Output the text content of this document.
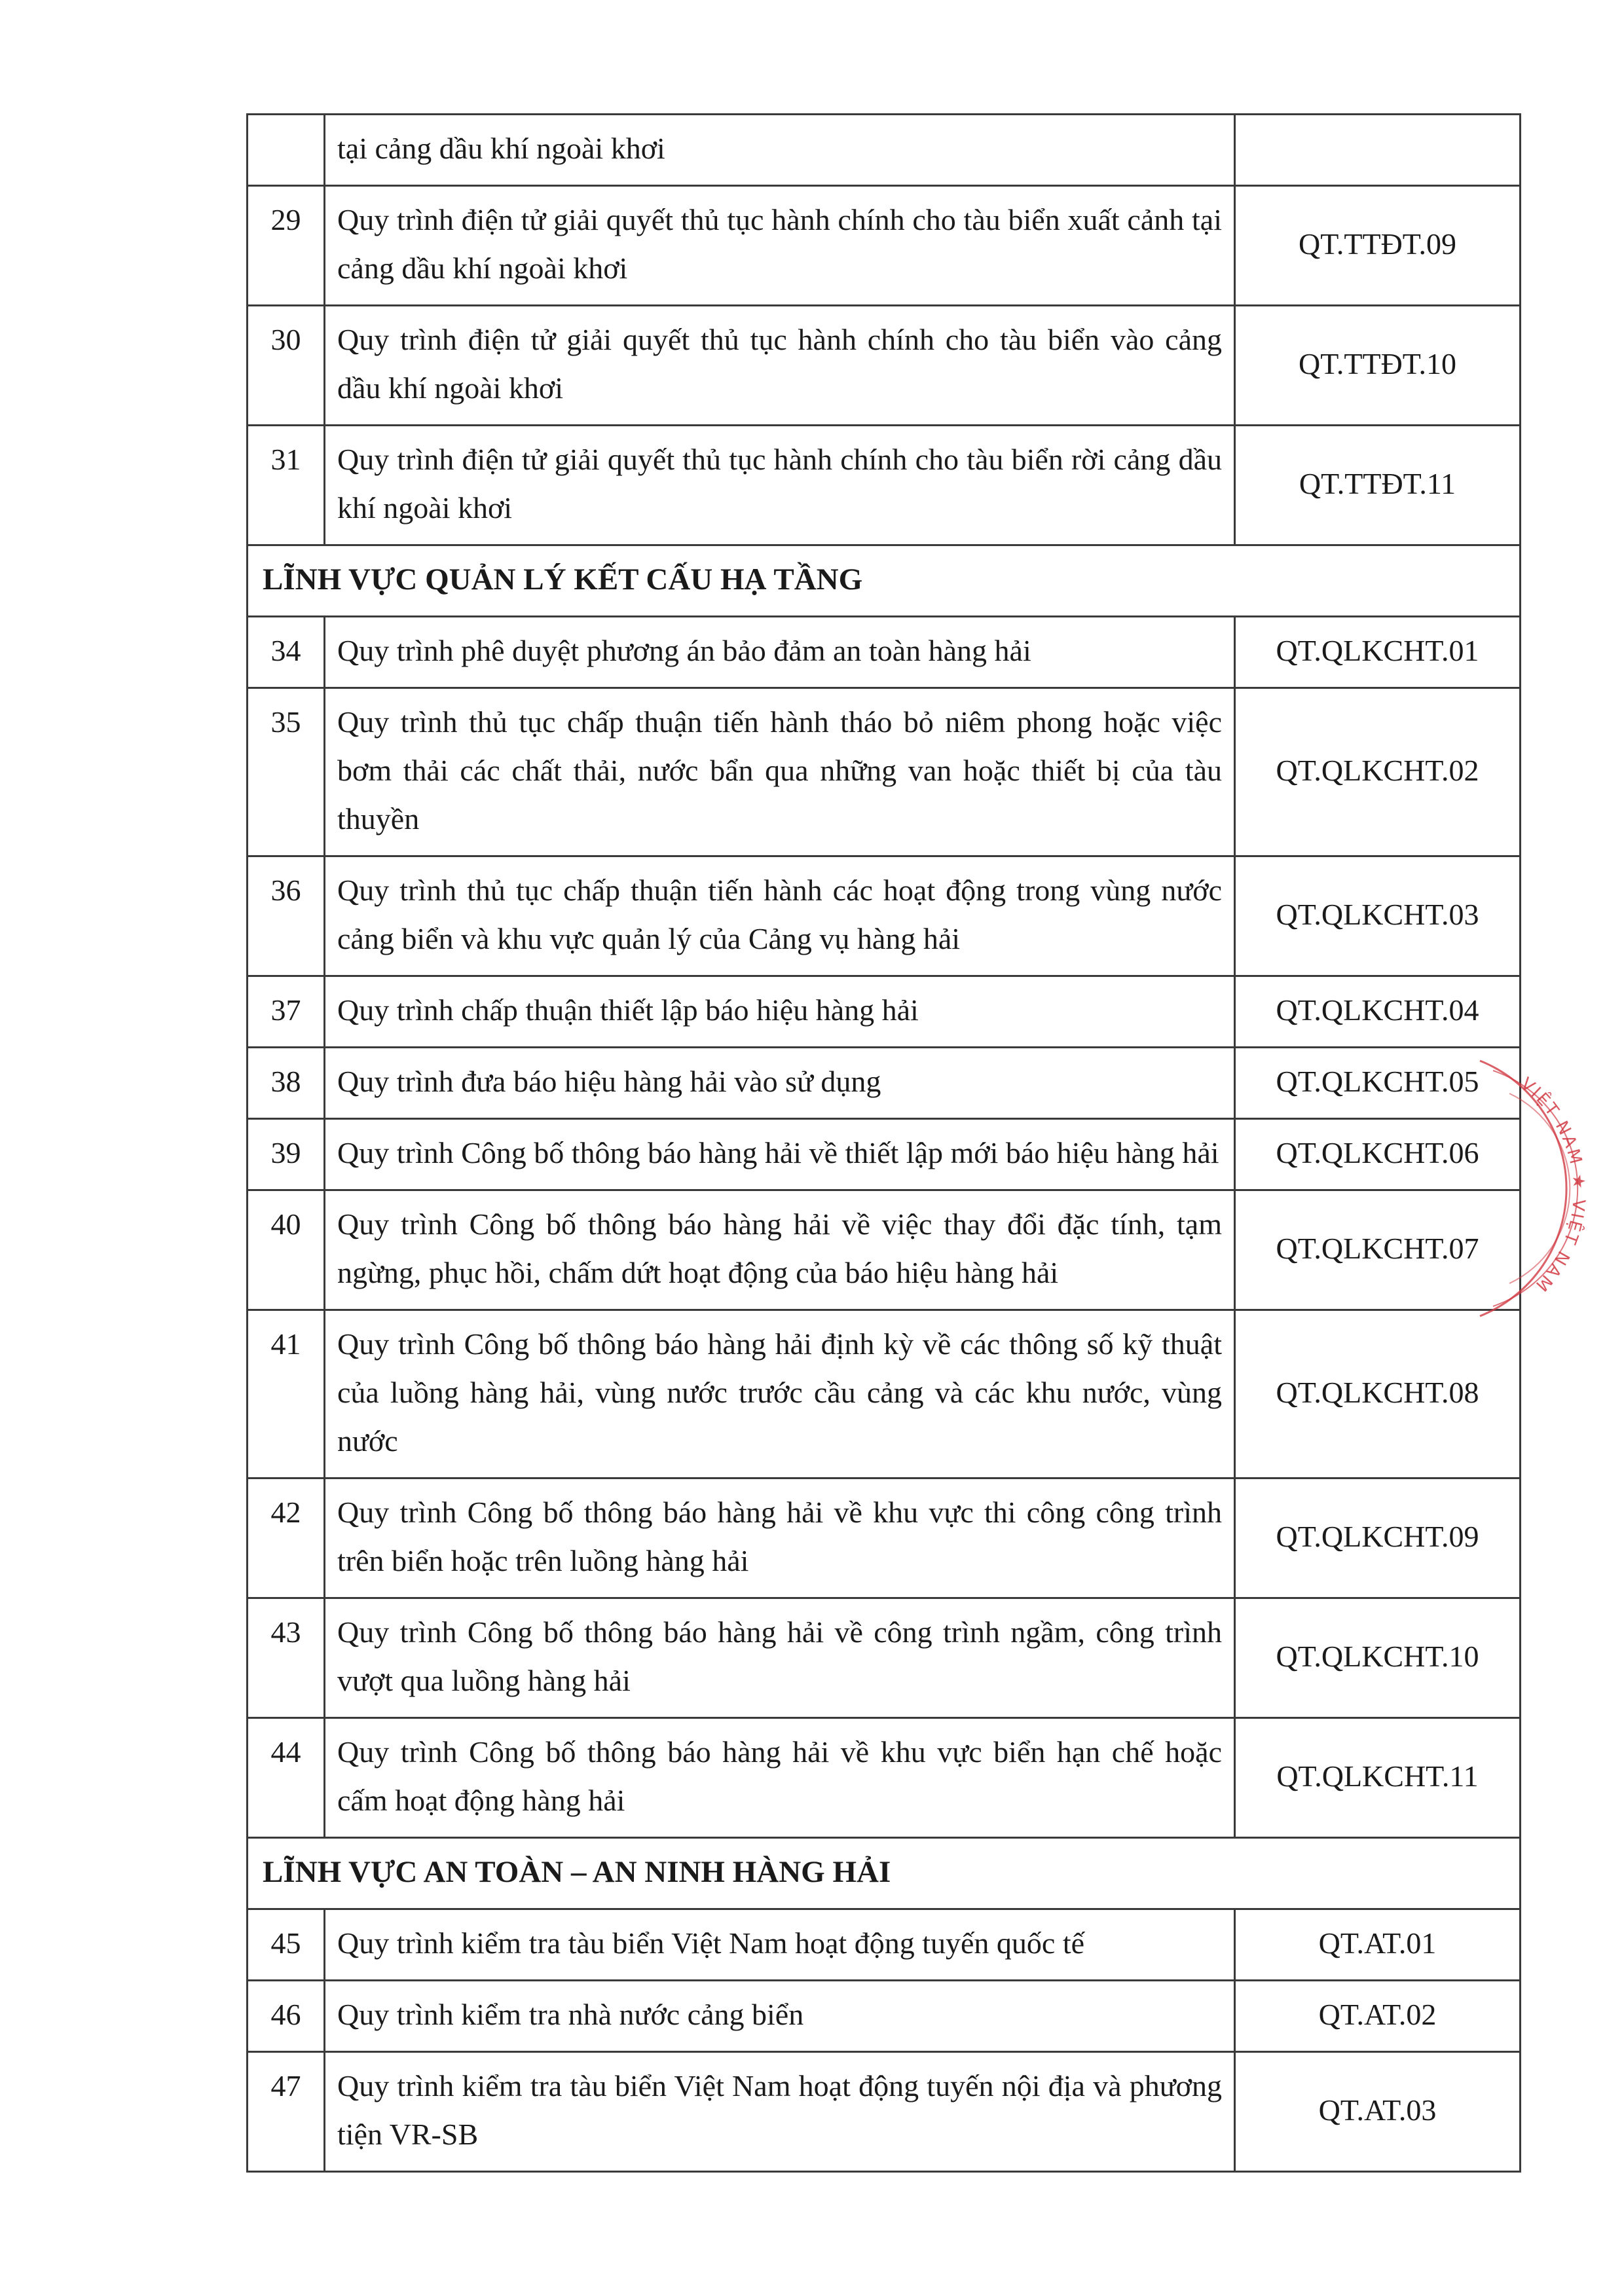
	tại cảng dầu khí ngoài khơi	
29	Quy trình điện tử giải quyết thủ tục hành chính cho tàu biển xuất cảnh tại cảng dầu khí ngoài khơi	QT.TTĐT.09
30	Quy trình điện tử giải quyết thủ tục hành chính cho tàu biển vào cảng dầu khí ngoài khơi	QT.TTĐT.10
31	Quy trình điện tử giải quyết thủ tục hành chính cho tàu biển rời cảng dầu khí ngoài khơi	QT.TTĐT.11
LĨNH VỰC QUẢN LÝ KẾT CẤU HẠ TẦNG		
34	Quy trình phê duyệt phương án bảo đảm an toàn hàng hải	QT.QLKCHT.01
35	Quy trình thủ tục chấp thuận tiến hành tháo bỏ niêm phong hoặc việc bơm thải các chất thải, nước bẩn qua những van hoặc thiết bị của tàu thuyền	QT.QLKCHT.02
36	Quy trình thủ tục chấp thuận tiến hành các hoạt động trong vùng nước cảng biển và khu vực quản lý của Cảng vụ hàng hải	QT.QLKCHT.03
37	Quy trình chấp thuận thiết lập báo hiệu hàng hải	QT.QLKCHT.04
38	Quy trình đưa báo hiệu hàng hải vào sử dụng	QT.QLKCHT.05
39	Quy trình Công bố thông báo hàng hải về thiết lập mới báo hiệu hàng hải	QT.QLKCHT.06
40	Quy trình Công bố thông báo hàng hải về việc thay đổi đặc tính, tạm ngừng, phục hồi, chấm dứt hoạt động của báo hiệu hàng hải	QT.QLKCHT.07
41	Quy trình Công bố thông báo hàng hải định kỳ về các thông số kỹ thuật của luồng hàng hải, vùng nước trước cầu cảng và các khu nước, vùng nước	QT.QLKCHT.08
42	Quy trình Công bố thông báo hàng hải về khu vực thi công công trình trên biển hoặc trên luồng hàng hải	QT.QLKCHT.09
43	Quy trình Công bố thông báo hàng hải về công trình ngầm, công trình vượt qua luồng hàng hải	QT.QLKCHT.10
44	Quy trình Công bố thông báo hàng hải về khu vực biển hạn chế hoặc cấm hoạt động hàng hải	QT.QLKCHT.11
LĨNH VỰC AN TOÀN – AN NINH HÀNG HẢI		
45	Quy trình kiểm tra tàu biển Việt Nam hoạt động tuyến quốc tế	QT.AT.01
46	Quy trình kiểm tra nhà nước cảng biển	QT.AT.02
47	Quy trình kiểm tra tàu biển Việt Nam hoạt động tuyến nội địa và phương tiện VR-SB	QT.AT.03
VIỆT NAM ★ VIỆT NAM
